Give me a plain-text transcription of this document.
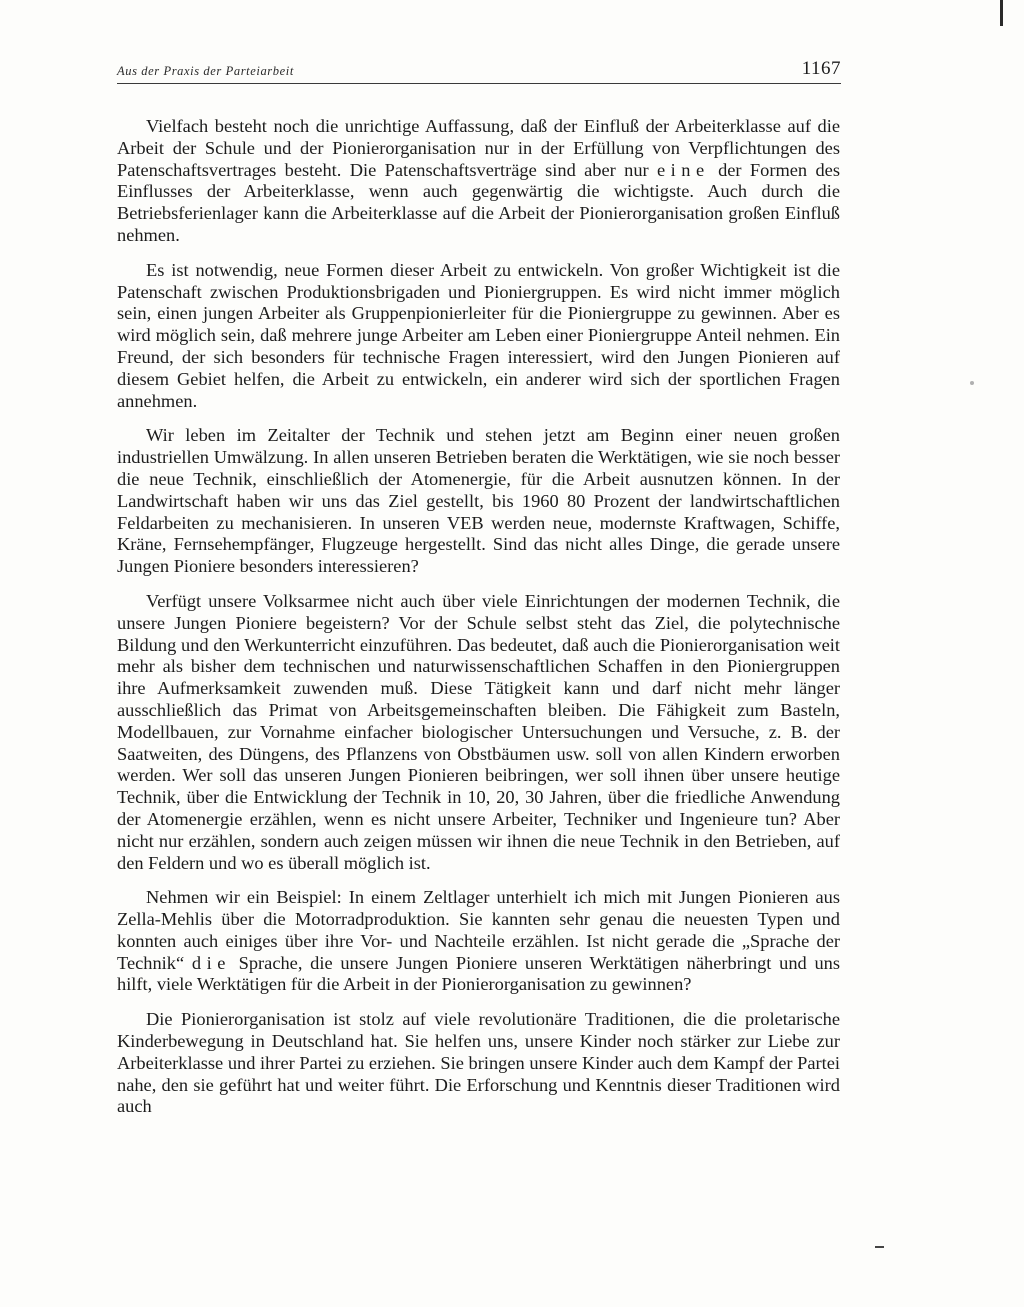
Aus der Praxis der Parteiarbeit	1167

Vielfach besteht noch die unrichtige Auffassung, daß der Einfluß der Arbeiterklasse auf die Arbeit der Schule und der Pionierorganisation nur in der Erfüllung von Verpflichtungen des Patenschaftsvertrages besteht. Die Patenschaftsverträge sind aber nur eine der Formen des Einflusses der Arbeiterklasse, wenn auch gegenwärtig die wichtigste. Auch durch die Betriebsferienlager kann die Arbeiterklasse auf die Arbeit der Pionierorganisation großen Einfluß nehmen.

Es ist notwendig, neue Formen dieser Arbeit zu entwickeln. Von großer Wichtigkeit ist die Patenschaft zwischen Produktionsbrigaden und Pioniergruppen. Es wird nicht immer möglich sein, einen jungen Arbeiter als Gruppenpionierleiter für die Pioniergruppe zu gewinnen. Aber es wird möglich sein, daß mehrere junge Arbeiter am Leben einer Pioniergruppe Anteil nehmen. Ein Freund, der sich besonders für technische Fragen interessiert, wird den Jungen Pionieren auf diesem Gebiet helfen, die Arbeit zu entwickeln, ein anderer wird sich der sportlichen Fragen annehmen.

Wir leben im Zeitalter der Technik und stehen jetzt am Beginn einer neuen großen industriellen Umwälzung. In allen unseren Betrieben beraten die Werktätigen, wie sie noch besser die neue Technik, einschließlich der Atomenergie, für die Arbeit ausnutzen können. In der Landwirtschaft haben wir uns das Ziel gestellt, bis 1960 80 Prozent der landwirtschaftlichen Feldarbeiten zu mechanisieren. In unseren VEB werden neue, modernste Kraftwagen, Schiffe, Kräne, Fernsehempfänger, Flugzeuge hergestellt. Sind das nicht alles Dinge, die gerade unsere Jungen Pioniere besonders interessieren?

Verfügt unsere Volksarmee nicht auch über viele Einrichtungen der modernen Technik, die unsere Jungen Pioniere begeistern? Vor der Schule selbst steht das Ziel, die polytechnische Bildung und den Werkunterricht einzuführen. Das bedeutet, daß auch die Pionierorganisation weit mehr als bisher dem technischen und naturwissenschaftlichen Schaffen in den Pioniergruppen ihre Aufmerksamkeit zuwenden muß. Diese Tätigkeit kann und darf nicht mehr länger ausschließlich das Primat von Arbeitsgemeinschaften bleiben. Die Fähigkeit zum Basteln, Modellbauen, zur Vornahme einfacher biologischer Untersuchungen und Versuche, z. B. der Saatweiten, des Düngens, des Pflanzens von Obstbäumen usw. soll von allen Kindern erworben werden. Wer soll das unseren Jungen Pionieren beibringen, wer soll ihnen über unsere heutige Technik, über die Entwicklung der Technik in 10, 20, 30 Jahren, über die friedliche Anwendung der Atomenergie erzählen, wenn es nicht unsere Arbeiter, Techniker und Ingenieure tun? Aber nicht nur erzählen, sondern auch zeigen müssen wir ihnen die neue Technik in den Betrieben, auf den Feldern und wo es überall möglich ist.

Nehmen wir ein Beispiel: In einem Zeltlager unterhielt ich mich mit Jungen Pionieren aus Zella-Mehlis über die Motorradproduktion. Sie kannten sehr genau die neuesten Typen und konnten auch einiges über ihre Vor- und Nachteile erzählen. Ist nicht gerade die „Sprache der Technik“ die Sprache, die unsere Jungen Pioniere unseren Werktätigen näherbringt und uns hilft, viele Werktätigen für die Arbeit in der Pionierorganisation zu gewinnen?

Die Pionierorganisation ist stolz auf viele revolutionäre Traditionen, die die proletarische Kinderbewegung in Deutschland hat. Sie helfen uns, unsere Kinder noch stärker zur Liebe zur Arbeiterklasse und ihrer Partei zu erziehen. Sie bringen unsere Kinder auch dem Kampf der Partei nahe, den sie geführt hat und weiter führt. Die Erforschung und Kenntnis dieser Traditionen wird auch
